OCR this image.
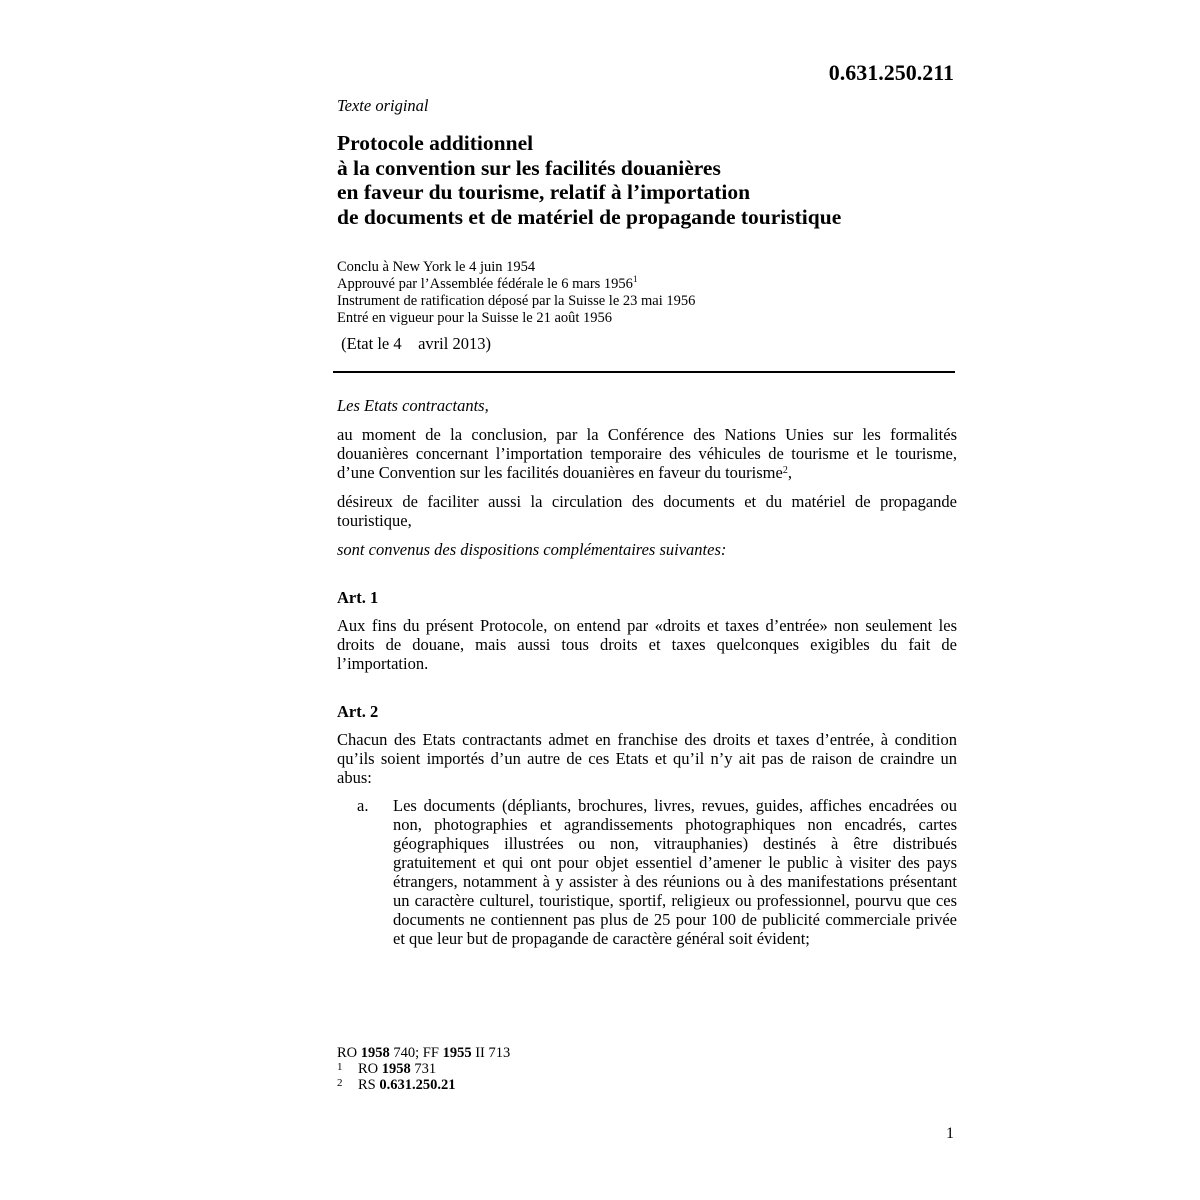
0.631.250.211
Texte original
Protocole additionnel
à la convention sur les facilités douanières
en faveur du tourisme, relatif à l’importation
de documents et de matériel de propagande touristique
Conclu à New York le 4 juin 1954
Approuvé par l’Assemblée fédérale le 6 mars 1956$^1$
Instrument de ratification déposé par la Suisse le 23 mai 1956
Entré en vigueur pour la Suisse le 21 août 1956
(Etat le 4    avril 2013)
Les Etats contractants,

au moment de la conclusion, par la Conférence des Nations Unies sur les formalités douanières concernant l’importation temporaire des véhicules de tourisme et le tourisme, d’une Convention sur les facilités douanières en faveur du tourisme$^2$,

désireux de faciliter aussi la circulation des documents et du matériel de propagande touristique,

sont convenus des dispositions complémentaires suivantes:

Art. 1

Aux fins du présent Protocole, on entend par «droits et taxes d’entrée» non seulement les droits de douane, mais aussi tous droits et taxes quelconques exigibles du fait de l’importation.

Art. 2

Chacun des Etats contractants admet en franchise des droits et taxes d’entrée, à condition qu’ils soient importés d’un autre de ces Etats et qu’il n’y ait pas de raison de craindre un abus:

a.	Les documents (dépliants, brochures, livres, revues, guides, affiches encadrées ou non, photographies et agrandissements photographiques non encadrés, cartes géographiques illustrées ou non, vitrauphanies) destinés à être distribués gratuitement et qui ont pour objet essentiel d’amener le public à visiter des pays étrangers, notamment à y assister à des réunions ou à des manifestations présentant un caractère culturel, touristique, sportif, religieux ou professionnel, pourvu que ces documents ne contiennent pas plus de 25 pour 100 de publicité commerciale privée et que leur but de propagande de caractère général soit évident;
RO 1958 740; FF 1955 II 713
1	RO 1958 731
2	RS 0.631.250.21
1
